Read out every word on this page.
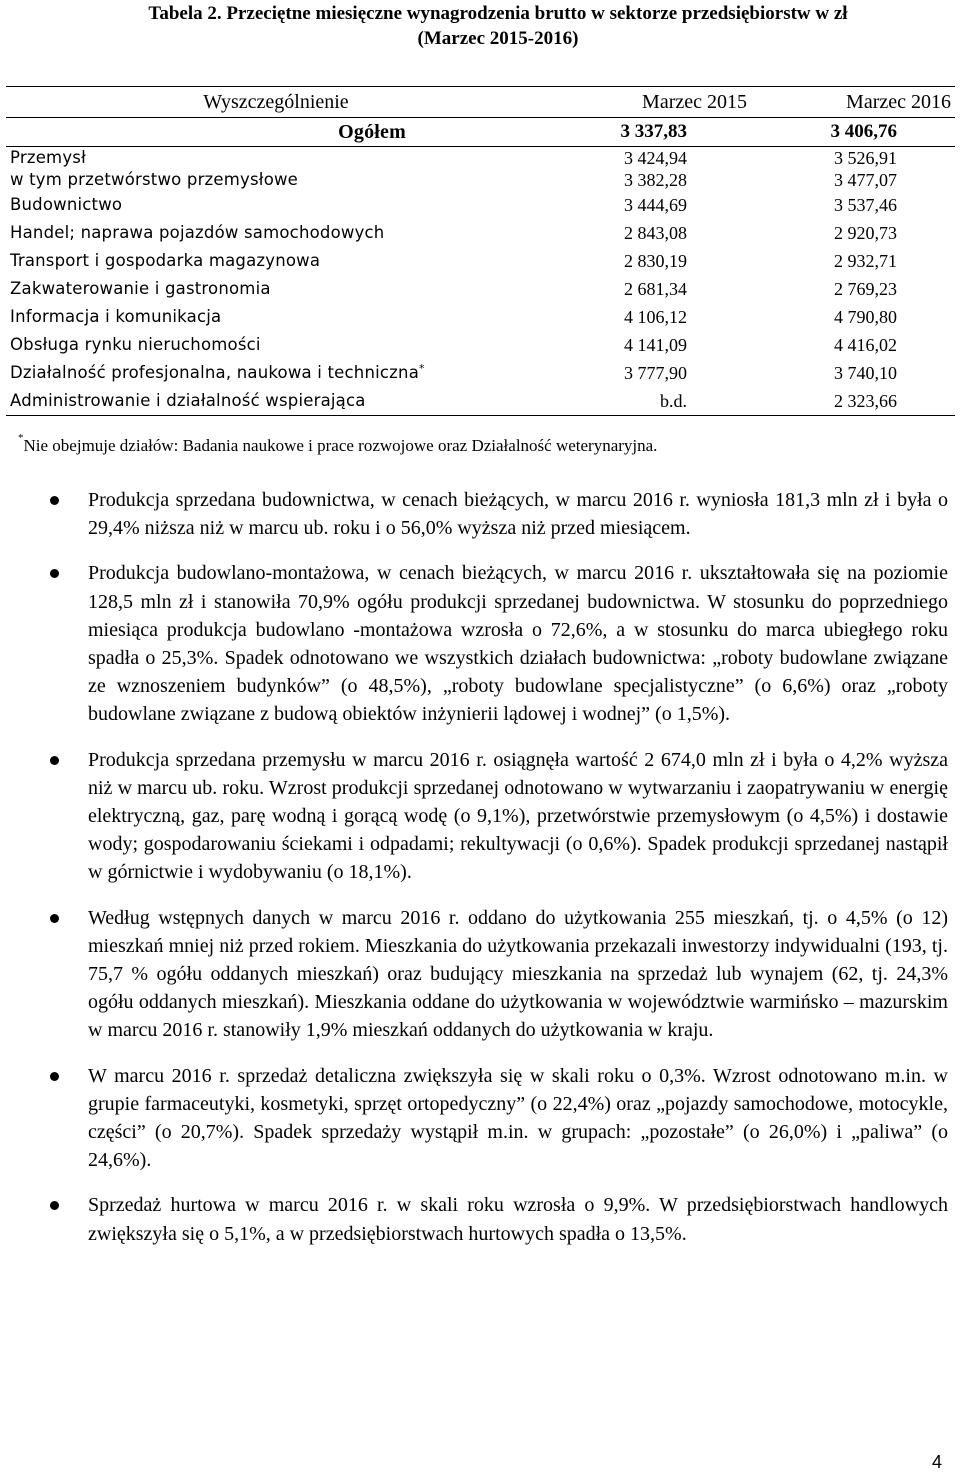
Tabela 2. Przeciętne miesięczne wynagrodzenia brutto w sektorze przedsiębiorstw w zł
(Marzec 2015-2016)
Wyszczególnienie	Marzec 2015	Marzec 2016
Ogółem	3 337,83	3 406,76
Przemysł	3 424,94	3 526,91
w tym przetwórstwo przemysłowe	3 382,28	3 477,07
Budownictwo	3 444,69	3 537,46
Handel; naprawa pojazdów samochodowych	2 843,08	2 920,73
Transport i gospodarka magazynowa	2 830,19	2 932,71
Zakwaterowanie i gastronomia	2 681,34	2 769,23
Informacja i komunikacja	4 106,12	4 790,80
Obsługa rynku nieruchomości	4 141,09	4 416,02
Działalność profesjonalna, naukowa i techniczna*	3 777,90	3 740,10
Administrowanie i działalność wspierająca	b.d.	2 323,66
*Nie obejmuje działów: Badania naukowe i prace rozwojowe oraz Działalność weterynaryjna.
Produkcja sprzedana budownictwa, w cenach bieżących, w marcu 2016 r. wyniosła 181,3 mln zł i była o 29,4% niższa niż w marcu ub. roku i o 56,0% wyższa niż przed miesiącem.
Produkcja budowlano-montażowa, w cenach bieżących, w marcu 2016 r. ukształtowała się na poziomie 128,5 mln zł i stanowiła 70,9% ogółu produkcji sprzedanej budownictwa. W stosunku do poprzedniego miesiąca produkcja budowlano -montażowa wzrosła o 72,6%, a w stosunku do marca ubiegłego roku spadła o 25,3%. Spadek odnotowano we wszystkich działach budownictwa: „roboty budowlane związane ze wznoszeniem budynków” (o 48,5%), „roboty budowlane specjalistyczne” (o 6,6%) oraz „roboty budowlane związane z budową obiektów inżynierii lądowej i wodnej” (o 1,5%).
Produkcja sprzedana przemysłu w marcu 2016 r. osiągnęła wartość 2 674,0 mln zł i była o 4,2% wyższa niż w marcu ub. roku. Wzrost produkcji sprzedanej odnotowano w wytwarzaniu i zaopatrywaniu w energię elektryczną, gaz, parę wodną i gorącą wodę (o 9,1%), przetwórstwie przemysłowym (o 4,5%) i dostawie wody; gospodarowaniu ściekami i odpadami; rekultywacji (o 0,6%). Spadek produkcji sprzedanej nastąpił w górnictwie i wydobywaniu (o 18,1%).
Według wstępnych danych w marcu 2016 r. oddano do użytkowania 255 mieszkań, tj. o 4,5% (o 12) mieszkań mniej niż przed rokiem. Mieszkania do użytkowania przekazali inwestorzy indywidualni (193, tj. 75,7 % ogółu oddanych mieszkań) oraz budujący mieszkania na sprzedaż lub wynajem (62, tj. 24,3% ogółu oddanych mieszkań). Mieszkania oddane do użytkowania w województwie warmińsko – mazurskim w marcu 2016 r. stanowiły 1,9% mieszkań oddanych do użytkowania w kraju.
W marcu 2016 r. sprzedaż detaliczna zwiększyła się w skali roku o 0,3%. Wzrost odnotowano m.in. w grupie farmaceutyki, kosmetyki, sprzęt ortopedyczny” (o 22,4%) oraz „pojazdy samochodowe, motocykle, części” (o 20,7%). Spadek sprzedaży wystąpił m.in. w grupach: „pozostałe” (o 26,0%) i „paliwa” (o 24,6%).
Sprzedaż hurtowa w marcu 2016 r. w skali roku wzrosła o 9,9%. W przedsiębiorstwach handlowych zwiększyła się o 5,1%, a w przedsiębiorstwach hurtowych spadła o 13,5%.
4
